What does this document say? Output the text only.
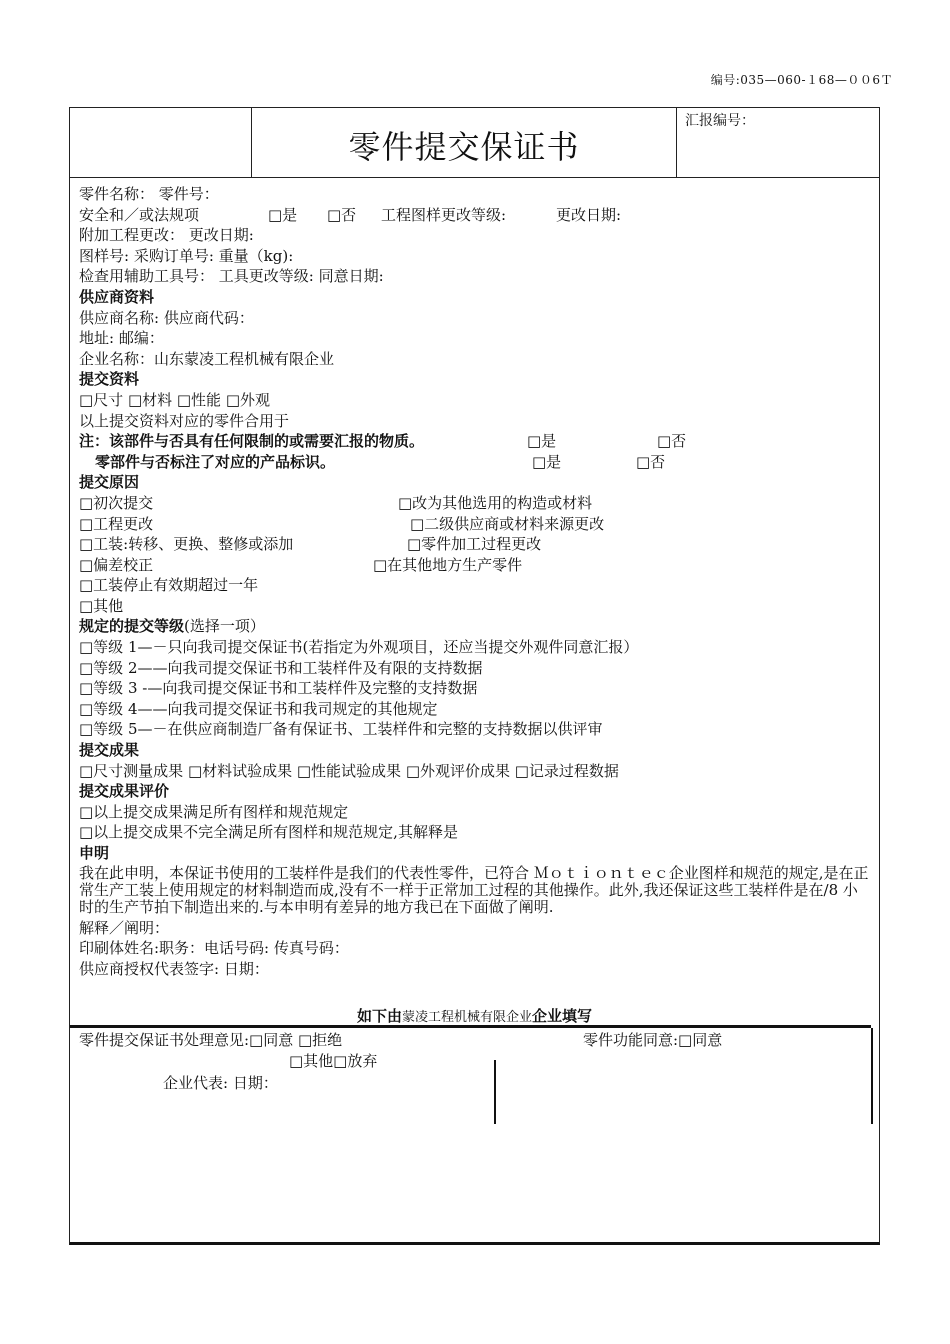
编号:035—060-１68—００6Ｔ
零件提交保证书
汇报编号：
零件名称： 零件号：
安全和／或法规项	□是 □否 工程图样更改等级:	更改日期:
附加工程更改： 更改日期:
图样号: 采购订单号: 重量（kg):
检查用辅助工具号： 工具更改等级: 同意日期:
供应商资料
供应商名称: 供应商代码：
地址: 邮编：
企业名称：山东蒙凌工程机械有限企业
提交资料
□尺寸 □材料 □性能 □外观
以上提交资料对应的零件合用于
注：该部件与否具有任何限制的或需要汇报的物质。	□是	□否
零部件与否标注了对应的产品标识。	□是	□否
提交原因
□初次提交	□改为其他选用的构造或材料
□工程更改	□二级供应商或材料来源更改
□工装:转移、更换、整修或添加	□零件加工过程更改
□偏差校正	□在其他地方生产零件
□工装停止有效期超过一年
□其他
规定的提交等级(选择一项）
□等级 1—－只向我司提交保证书(若指定为外观项目，还应当提交外观件同意汇报）
□等级 2——向我司提交保证书和工装样件及有限的支持数据
□等级 3 -—向我司提交保证书和工装样件及完整的支持数据
□等级 4——向我司提交保证书和我司规定的其他规定
□等级 5—－在供应商制造厂备有保证书、工装样件和完整的支持数据以供评审
提交成果
□尺寸测量成果 □材料试验成果 □性能试验成果 □外观评价成果 □记录过程数据
提交成果评价
□以上提交成果满足所有图样和规范规定
□以上提交成果不完全满足所有图样和规范规定,其解释是
申明
我在此申明，本保证书使用的工装样件是我们的代表性零件，已符合 Ｍｏｔｉｏｎｔｅｃ企业图样和规范的规定,是在正常生产工装上使用规定的材料制造而成,没有不一样于正常加工过程的其他操作。此外,我还保证这些工装样件是在/8 小时的生产节拍下制造出来的.与本申明有差异的地方我已在下面做了阐明.
解释／阐明：
印刷体姓名:职务：电话号码: 传真号码：
供应商授权代表签字: 日期：
如下由蒙凌工程机械有限企业企业填写
零件提交保证书处理意见:□同意 □拒绝
□其他□放弃
企业代表: 日期：
零件功能同意:□同意
